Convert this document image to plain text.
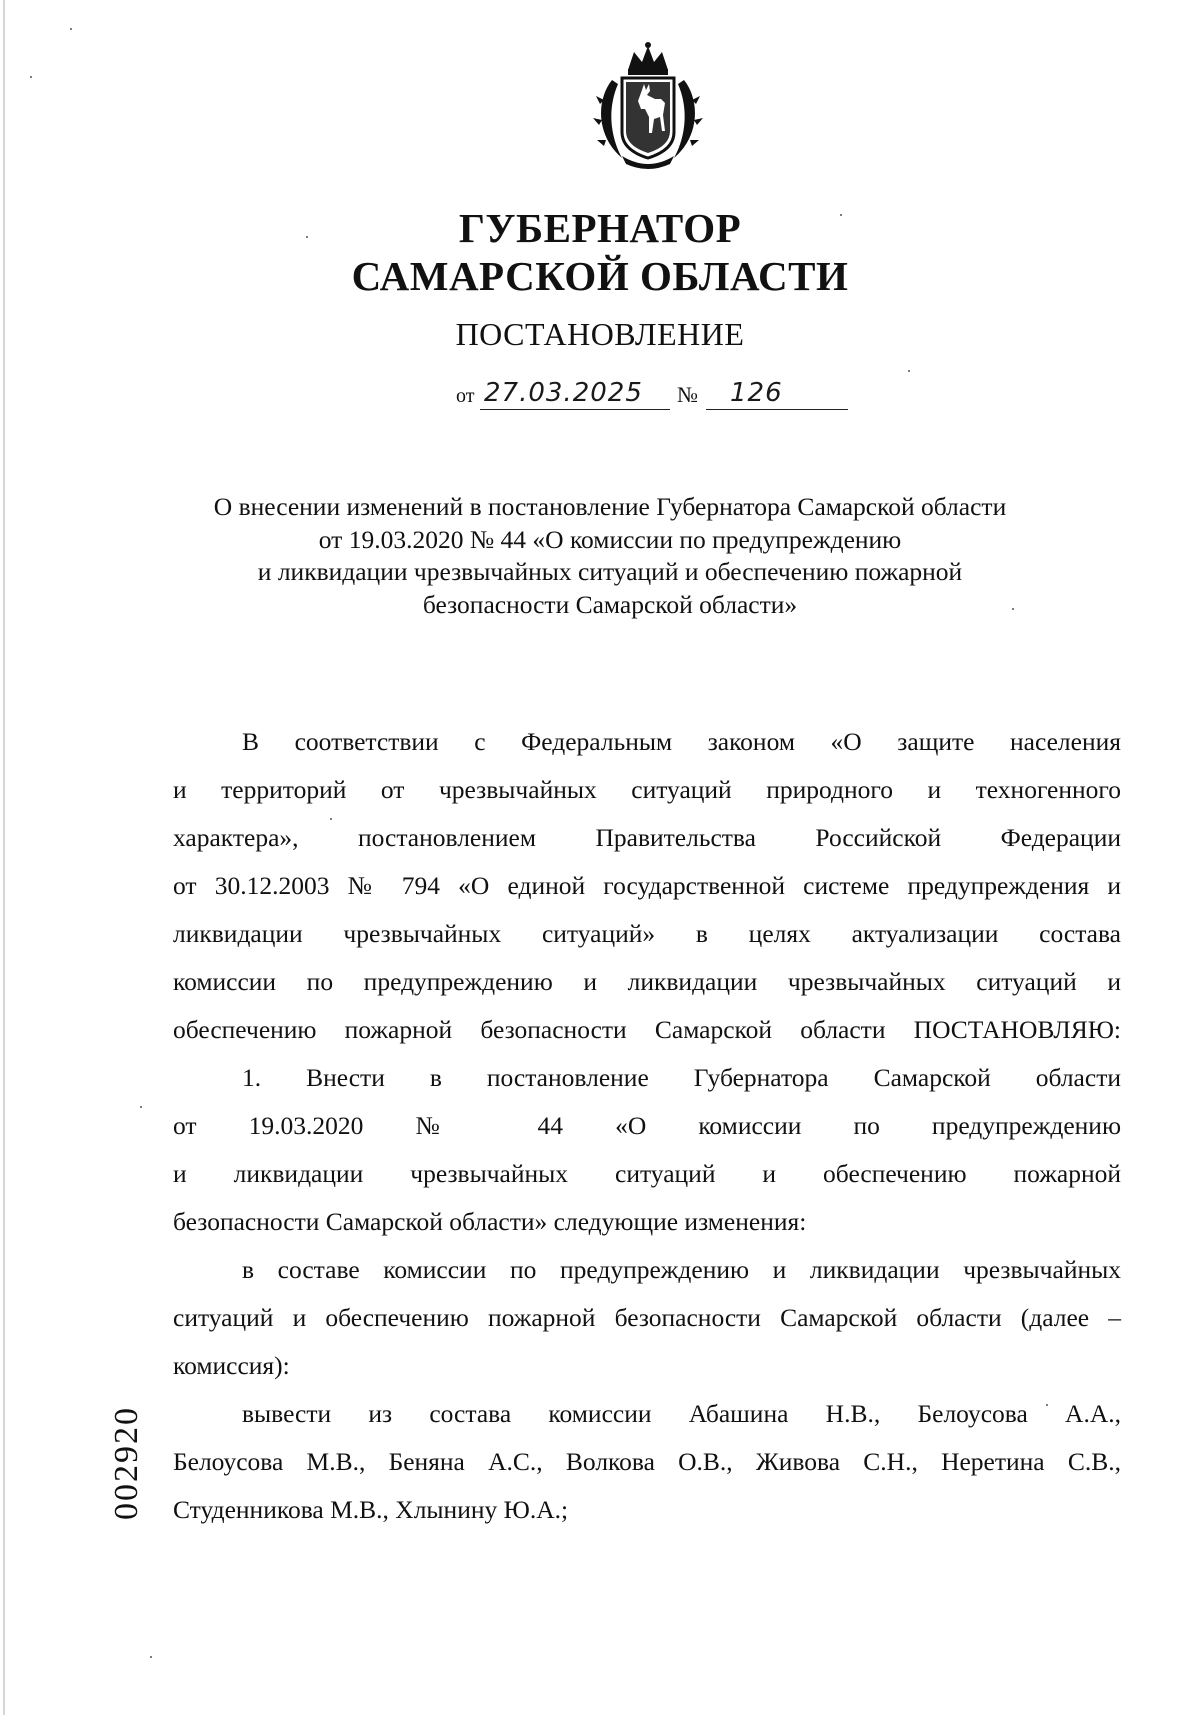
ГУБЕРНАТОР
САМАРСКОЙ ОБЛАСТИ
ПОСТАНОВЛЕНИЕ
от 27.03.2025 № 126
О внесении изменений в постановление Губернатора Самарской области
от 19.03.2020 № 44 «О комиссии по предупреждению
и ликвидации чрезвычайных ситуаций и обеспечению пожарной
безопасности Самарской области»
В соответствии с Федеральным законом «О защите населения
и территорий от чрезвычайных ситуаций природного и техногенного
характера», постановлением Правительства Российской Федерации
от 30.12.2003 № 794 «О единой государственной системе предупреждения и
ликвидации чрезвычайных ситуаций» в целях актуализации состава
комиссии по предупреждению и ликвидации чрезвычайных ситуаций и
обеспечению пожарной безопасности Самарской области ПОСТАНОВЛЯЮ:
1. Внести в постановление Губернатора Самарской области
от 19.03.2020 № 44 «О комиссии по предупреждению
и ликвидации чрезвычайных ситуаций и обеспечению пожарной
безопасности Самарской области» следующие изменения:
в составе комиссии по предупреждению и ликвидации чрезвычайных
ситуаций и обеспечению пожарной безопасности Самарской области (далее –
комиссия):
вывести из состава комиссии Абашина Н.В., Белоусова А.А.,
Белоусова М.В., Беняна А.С., Волкова О.В., Живова С.Н., Неретина С.В.,
Студенникова М.В., Хлынину Ю.А.;
002920
